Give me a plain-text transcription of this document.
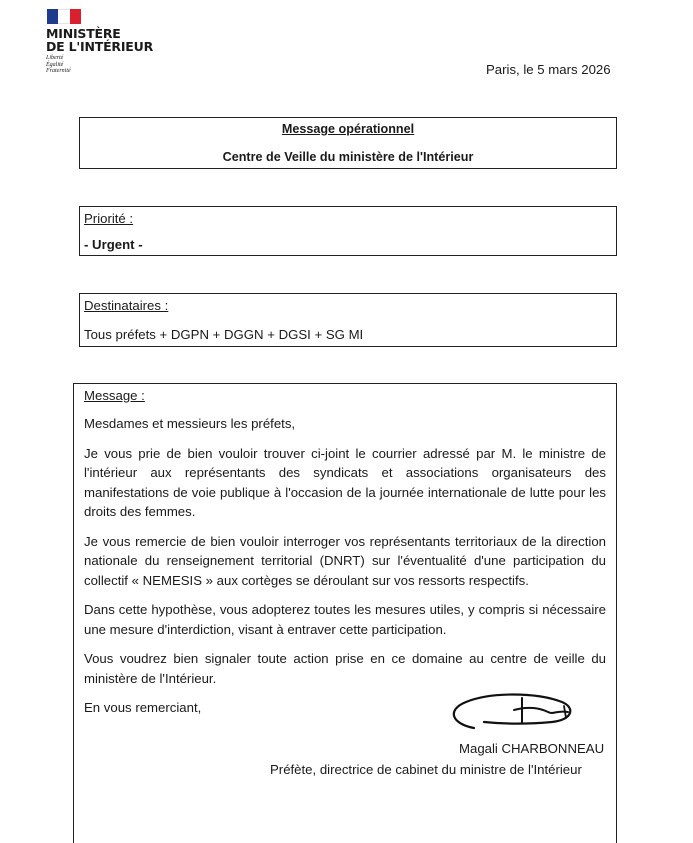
MINISTÈRE
DE L'INTÉRIEUR
Liberté
Égalité
Fraternité	Paris, le 5 mars 2026
Message opérationnel
Centre de Veille du ministère de l'Intérieur
Priorité :
- Urgent -
Destinataires :
Tous préfets + DGPN + DGGN + DGSI + SG MI
Message :

Mesdames et messieurs les préfets,

Je vous prie de bien vouloir trouver ci-joint le courrier adressé par M. le ministre de l'intérieur aux représentants des syndicats et associations organisateurs des manifestations de voie publique à l'occasion de la journée internationale de lutte pour les droits des femmes.

Je vous remercie de bien vouloir interroger vos représentants territoriaux de la direction nationale du renseignement territorial (DNRT) sur l'éventualité d'une participation du collectif « NEMESIS » aux cortèges se déroulant sur vos ressorts respectifs.

Dans cette hypothèse, vous adopterez toutes les mesures utiles, y compris si nécessaire une mesure d'interdiction, visant à entraver cette participation.

Vous voudrez bien signaler toute action prise en ce domaine au centre de veille du ministère de l'Intérieur.

En vous remerciant,

Magali CHARBONNEAU
Préfète, directrice de cabinet du ministre de l'Intérieur
